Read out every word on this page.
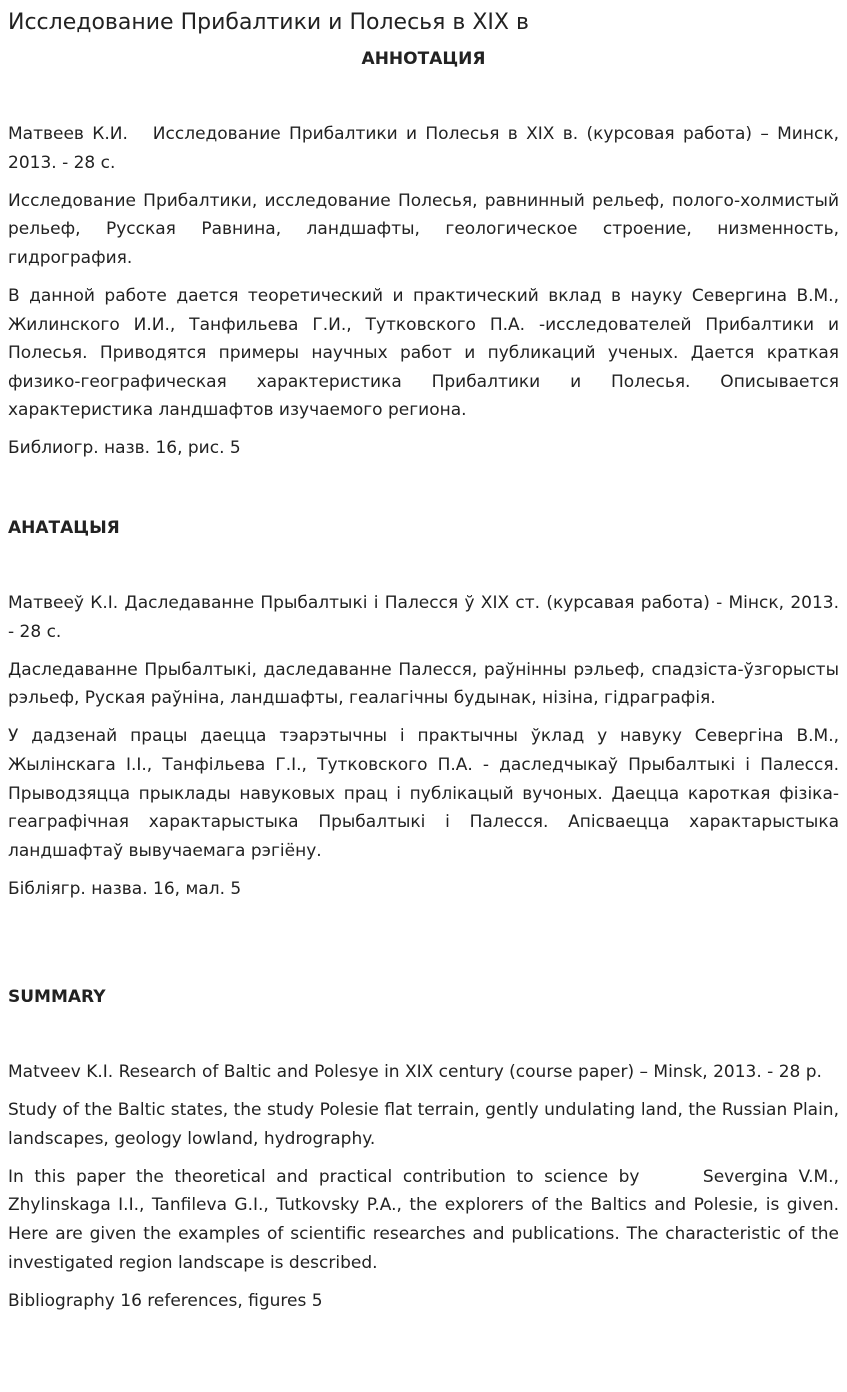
Исследование Прибалтики и Полесья в XIX в
АННОТАЦИЯ

Матвеев К.И.   Исследование Прибалтики и Полесья в XIX в. (курсовая работа) – Минск, 2013. - 28 с.

Исследование Прибалтики, исследование Полесья, равнинный рельеф, полого-холмистый рельеф, Русская Равнина, ландшафты, геологическое строение, низменность, гидрография.

В данной работе дается теоретический и практический вклад в науку Севергина В.М., Жилинского И.И., Танфильева Г.И., Тутковского П.А. -исследователей Прибалтики и Полесья. Приводятся примеры научных работ и публикаций ученых. Дается краткая физико-географическая характеристика Прибалтики и Полесья. Описывается характеристика ландшафтов изучаемого региона.

Библиогр. назв. 16, рис. 5

АНАТАЦЫЯ

Матвееў К.І. Даследаванне Прыбалтыкі і Палесся ў XIX ст. (курсавая работа) - Мінск, 2013. - 28 с.

Даследаванне Прыбалтыкі, даследаванне Палесся, раўнінны рэльеф, спадзіста-ўзгорысты рэльеф, Руская раўніна, ландшафты, геалагічны будынак, нізіна, гідраграфія.

У дадзенай працы даецца тэарэтычны і практычны ўклад у навуку Севергіна В.М., Жылінскага І.І., Танфільева Г.І., Тутковского П.А. - даследчыкаў Прыбалтыкі і Палесся. Прыводзяцца прыклады навуковых прац і публікацый вучоных. Даецца кароткая фізіка-геаграфічная характарыстыка Прыбалтыкі і Палесся. Апісваецца характарыстыка ландшафтаў вывучаемага рэгіёну.

Бібліягр. назва. 16, мал. 5

SUMMARY

Matveev K.I. Research of Baltic and Polesye in XIX century (course paper) – Minsk, 2013. - 28 p.

Study of the Baltic states, the study Polesie flat terrain, gently undulating land, the Russian Plain, landscapes, geology lowland, hydrography.

In this paper the theoretical and practical contribution to science by      Severgina V.M., Zhylinskaga I.I., Tanfileva G.I., Tutkovsky P.A., the explorers of the Baltics and Polesie, is given. Here are given the examples of scientific researches and publications. The characteristic of the investigated region landscape is described.

Bibliography 16 references, figures 5
